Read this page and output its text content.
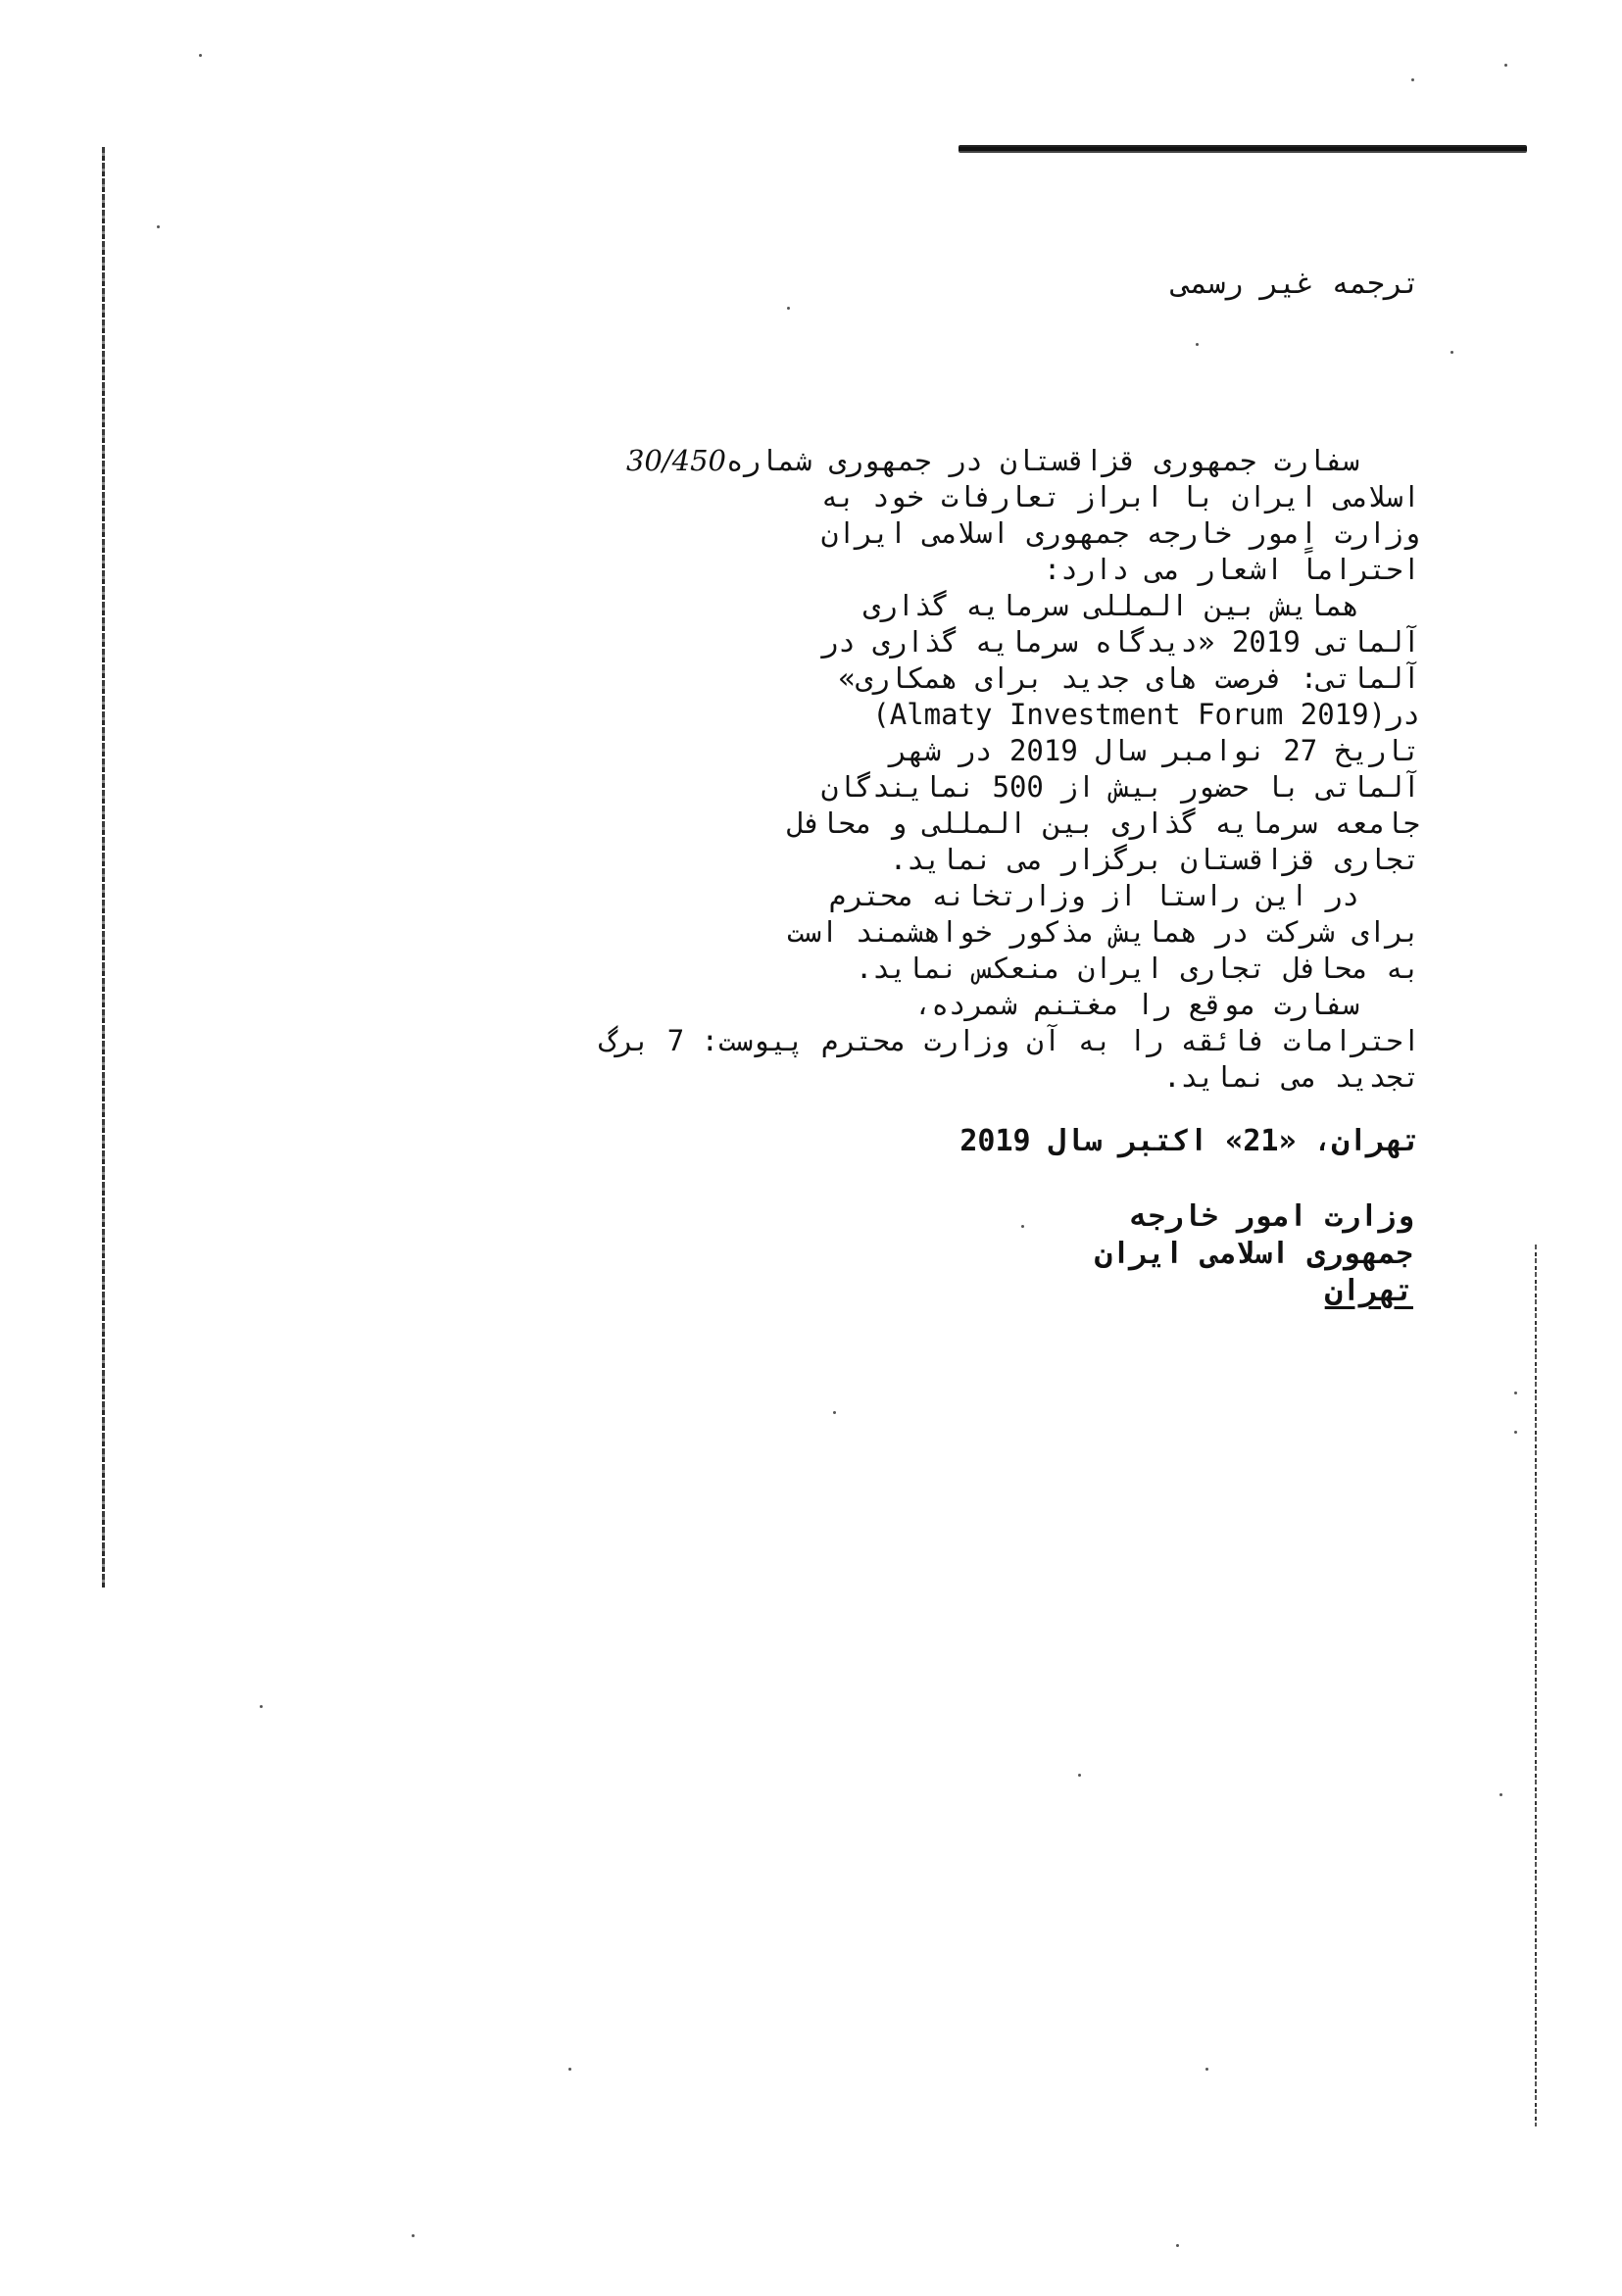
ترجمه غیر رسمی
سفارت جمهوری قزاقستان در جمهوری شماره30/450
اسلامی ایران با ابراز تعارفات خود به
وزارت امور خارجه جمهوری اسلامی ایران
احتراماً اشعار می دارد:
همایش بین المللی سرمایه گذاری
آلماتی 2019 «دیدگاه سرمایه گذاری در
آلماتی: فرصت های جدید برای همکاری»
در(Almaty Investment Forum 2019)
تاریخ 27 نوامبر سال 2019 در شهر
آلماتی با حضور بیش از 500 نمایندگان
جامعه سرمایه گذاری بین المللی و محافل
تجاری قزاقستان برگزار می نماید.
در این راستا از وزارتخانه محترم
برای شرکت در همایش مذکور خواهشمند است
به محافل تجاری ایران منعکس نماید.
سفارت موقع را مغتنم شمرده،
احترامات فائقه را به آن وزارت محترم پیوست: 7 برگ
تجدید می نماید.
تهران، «21» اکتبر سال 2019
وزارت امور خارجه
جمهوری اسلامی ایران
تهران
